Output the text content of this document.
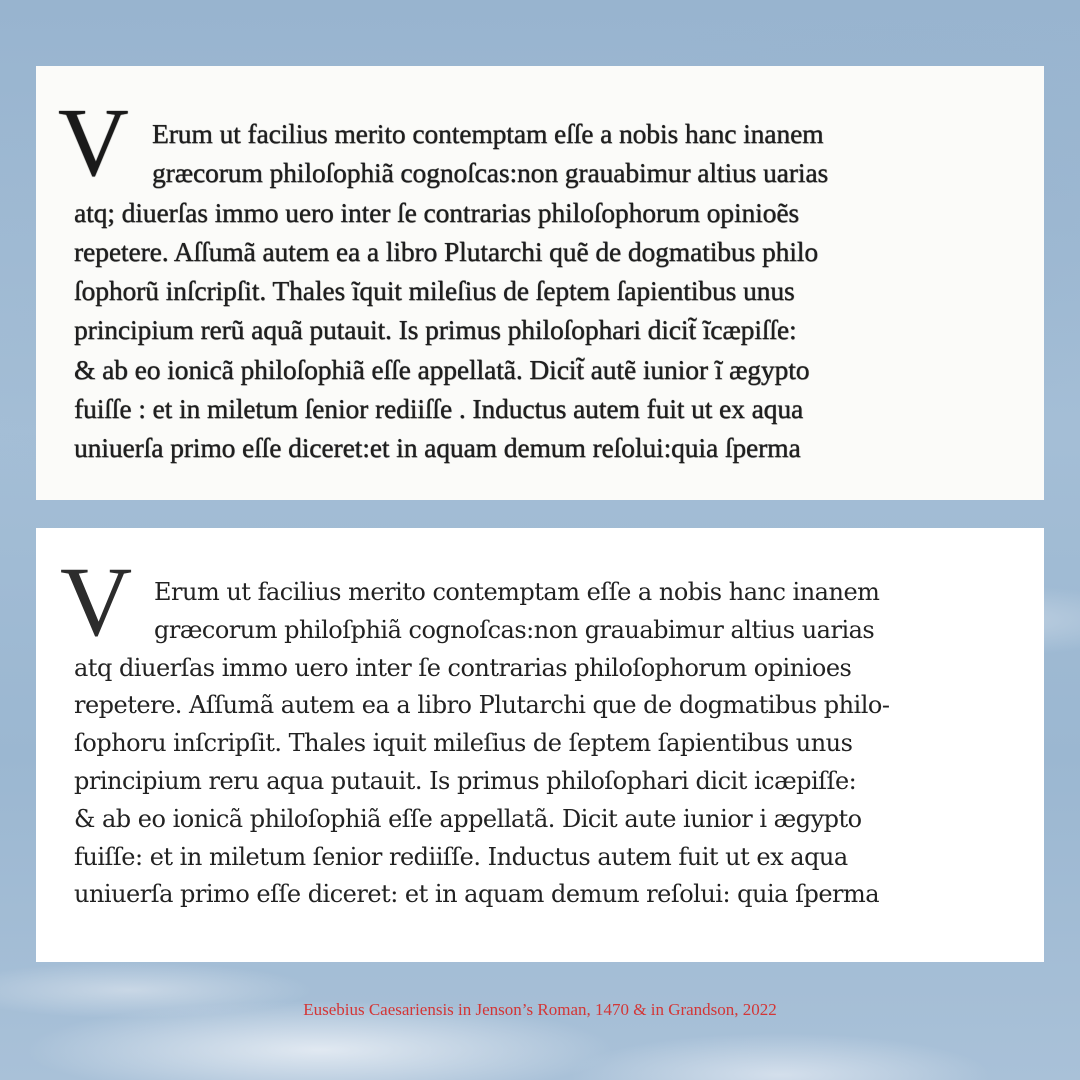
V Erum ut facilius merito contemptam eſſe a nobis hanc inanem
græcorum philoſophiã cognoſcas:non grauabimur altius uarias
atq; diuerſas immo uero inter ſe contrarias philoſophorum opinioẽs
repetere. Aſſumã autem ea a libro Plutarchi quẽ de dogmatibus philo
ſophorũ inſcripſit. Thales ĩquit mileſius de ſeptem ſapientibus unus
principium rerũ aquã putauit. Is primus philoſophari dicit̃ ĩcæpiſſe:
& ab eo ionicã philoſophiã eſſe appellatã. Dicit̃ autẽ iunior ĩ ægypto
fuiſſe : et in miletum ſenior rediiſſe . Inductus autem fuit ut ex aqua
uniuerſa primo eſſe diceret:et in aquam demum reſolui:quia ſperma
V Erum ut facilius merito contemptam eſſe a nobis hanc inanem
græcorum philoſphiã cognoſcas:non grauabimur altius uarias
atq diuerſas immo uero inter ſe contrarias philoſophorum opinioes
repetere. Aſſumã autem ea a libro Plutarchi que de dogmatibus philo-
ſophoru inſcripſit. Thales iquit mileſius de ſeptem ſapientibus unus
principium reru aqua putauit. Is primus philoſophari dicit icæpiſſe:
& ab eo ionicã philoſophiã eſſe appellatã. Dicit aute iunior i ægypto
fuiſſe: et in miletum ſenior rediiſſe. Inductus autem fuit ut ex aqua
uniuerſa primo eſſe diceret: et in aquam demum reſolui: quia ſperma
Eusebius Caesariensis in Jenson’s Roman, 1470 & in Grandson, 2022
